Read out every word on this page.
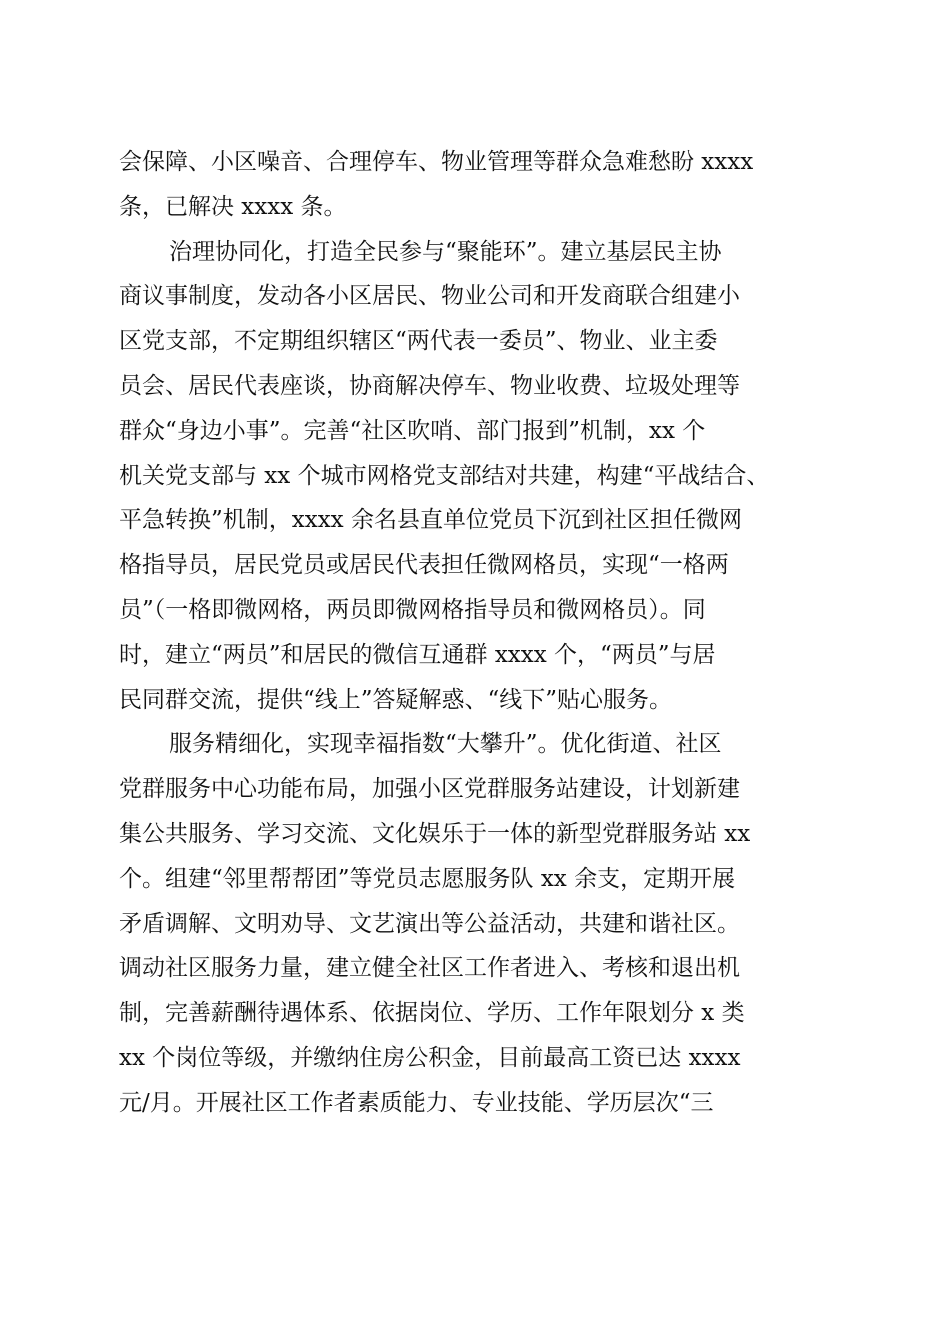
会保障、小区噪音、合理停车、物业管理等群众急难愁盼 xxxx
条，已解决 xxxx 条。
治理协同化，打造全民参与“聚能环”。建立基层民主协
商议事制度，发动各小区居民、物业公司和开发商联合组建小
区党支部，不定期组织辖区“两代表一委员”、物业、业主委
员会、居民代表座谈，协商解决停车、物业收费、垃圾处理等
群众“身边小事”。完善“社区吹哨、部门报到”机制，xx 个
机关党支部与 xx 个城市网格党支部结对共建，构建“平战结合、
平急转换”机制，xxxx 余名县直单位党员下沉到社区担任微网
格指导员，居民党员或居民代表担任微网格员，实现“一格两
员”（一格即微网格，两员即微网格指导员和微网格员）。同
时，建立“两员”和居民的微信互通群 xxxx 个，“两员”与居
民同群交流，提供“线上”答疑解惑、“线下”贴心服务。
服务精细化，实现幸福指数“大攀升”。优化街道、社区
党群服务中心功能布局，加强小区党群服务站建设，计划新建
集公共服务、学习交流、文化娱乐于一体的新型党群服务站 xx
个。组建“邻里帮帮团”等党员志愿服务队 xx 余支，定期开展
矛盾调解、文明劝导、文艺演出等公益活动，共建和谐社区。
调动社区服务力量，建立健全社区工作者进入、考核和退出机
制，完善薪酬待遇体系、依据岗位、学历、工作年限划分 x 类
xx 个岗位等级，并缴纳住房公积金，目前最高工资已达 xxxx
元/月。开展社区工作者素质能力、专业技能、学历层次“三
